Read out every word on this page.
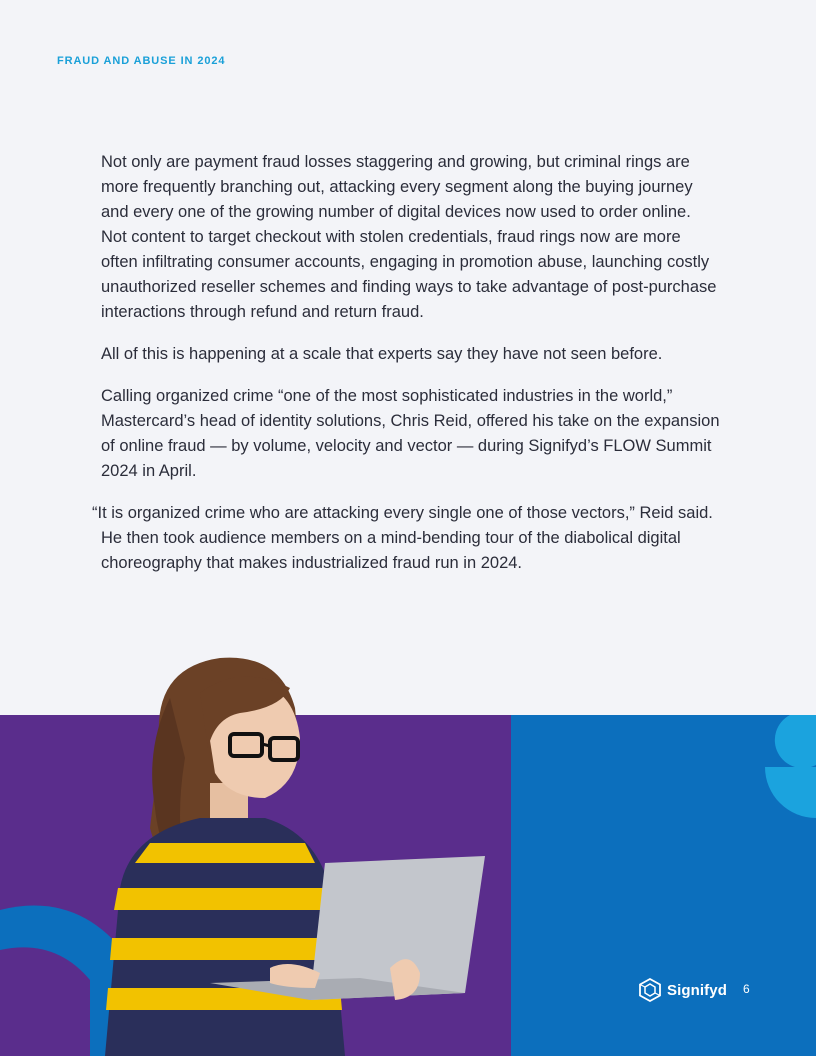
FRAUD AND ABUSE IN 2024

Not only are payment fraud losses staggering and growing, but criminal rings are more frequently branching out, attacking every segment along the buying journey and every one of the growing number of digital devices now used to order online. Not content to target checkout with stolen credentials, fraud rings now are more often infiltrating consumer accounts, engaging in promotion abuse, launching costly unauthorized reseller schemes and finding ways to take advantage of post-purchase interactions through refund and return fraud.

All of this is happening at a scale that experts say they have not seen before.

Calling organized crime “one of the most sophisticated industries in the world,” Mastercard’s head of identity solutions, Chris Reid, offered his take on the expansion of online fraud — by volume, velocity and vector — during Signifyd’s FLOW Summit 2024 in April.

“It is organized crime who are attacking every single one of those vectors,” Reid said. He then took audience members on a mind-bending tour of the diabolical digital choreography that makes industrialized fraud run in 2024.

Signifyd 6
